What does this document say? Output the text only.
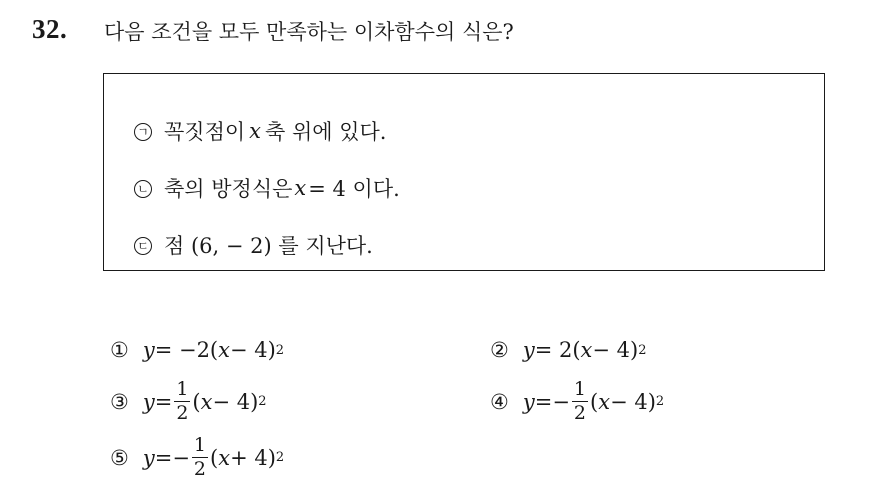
32. 다음 조건을 모두 만족하는 이차함수의 식은?
ㄱ 꼭짓점이 x 축 위에 있다.
ㄴ 축의 방정식은 x = 4 이다.
ㄷ 점 (6, − 2) 를 지난다.
① y = −2( x − 4) 2	② y = 2( x − 4) 2
③ $y = \frac{1}{2}$ ( x − 4) 2	④ y = − $\frac{1}{2}$ ( x − 4) 2
⑤ y = − $\frac{1}{2}$ ( x + 4) 2
